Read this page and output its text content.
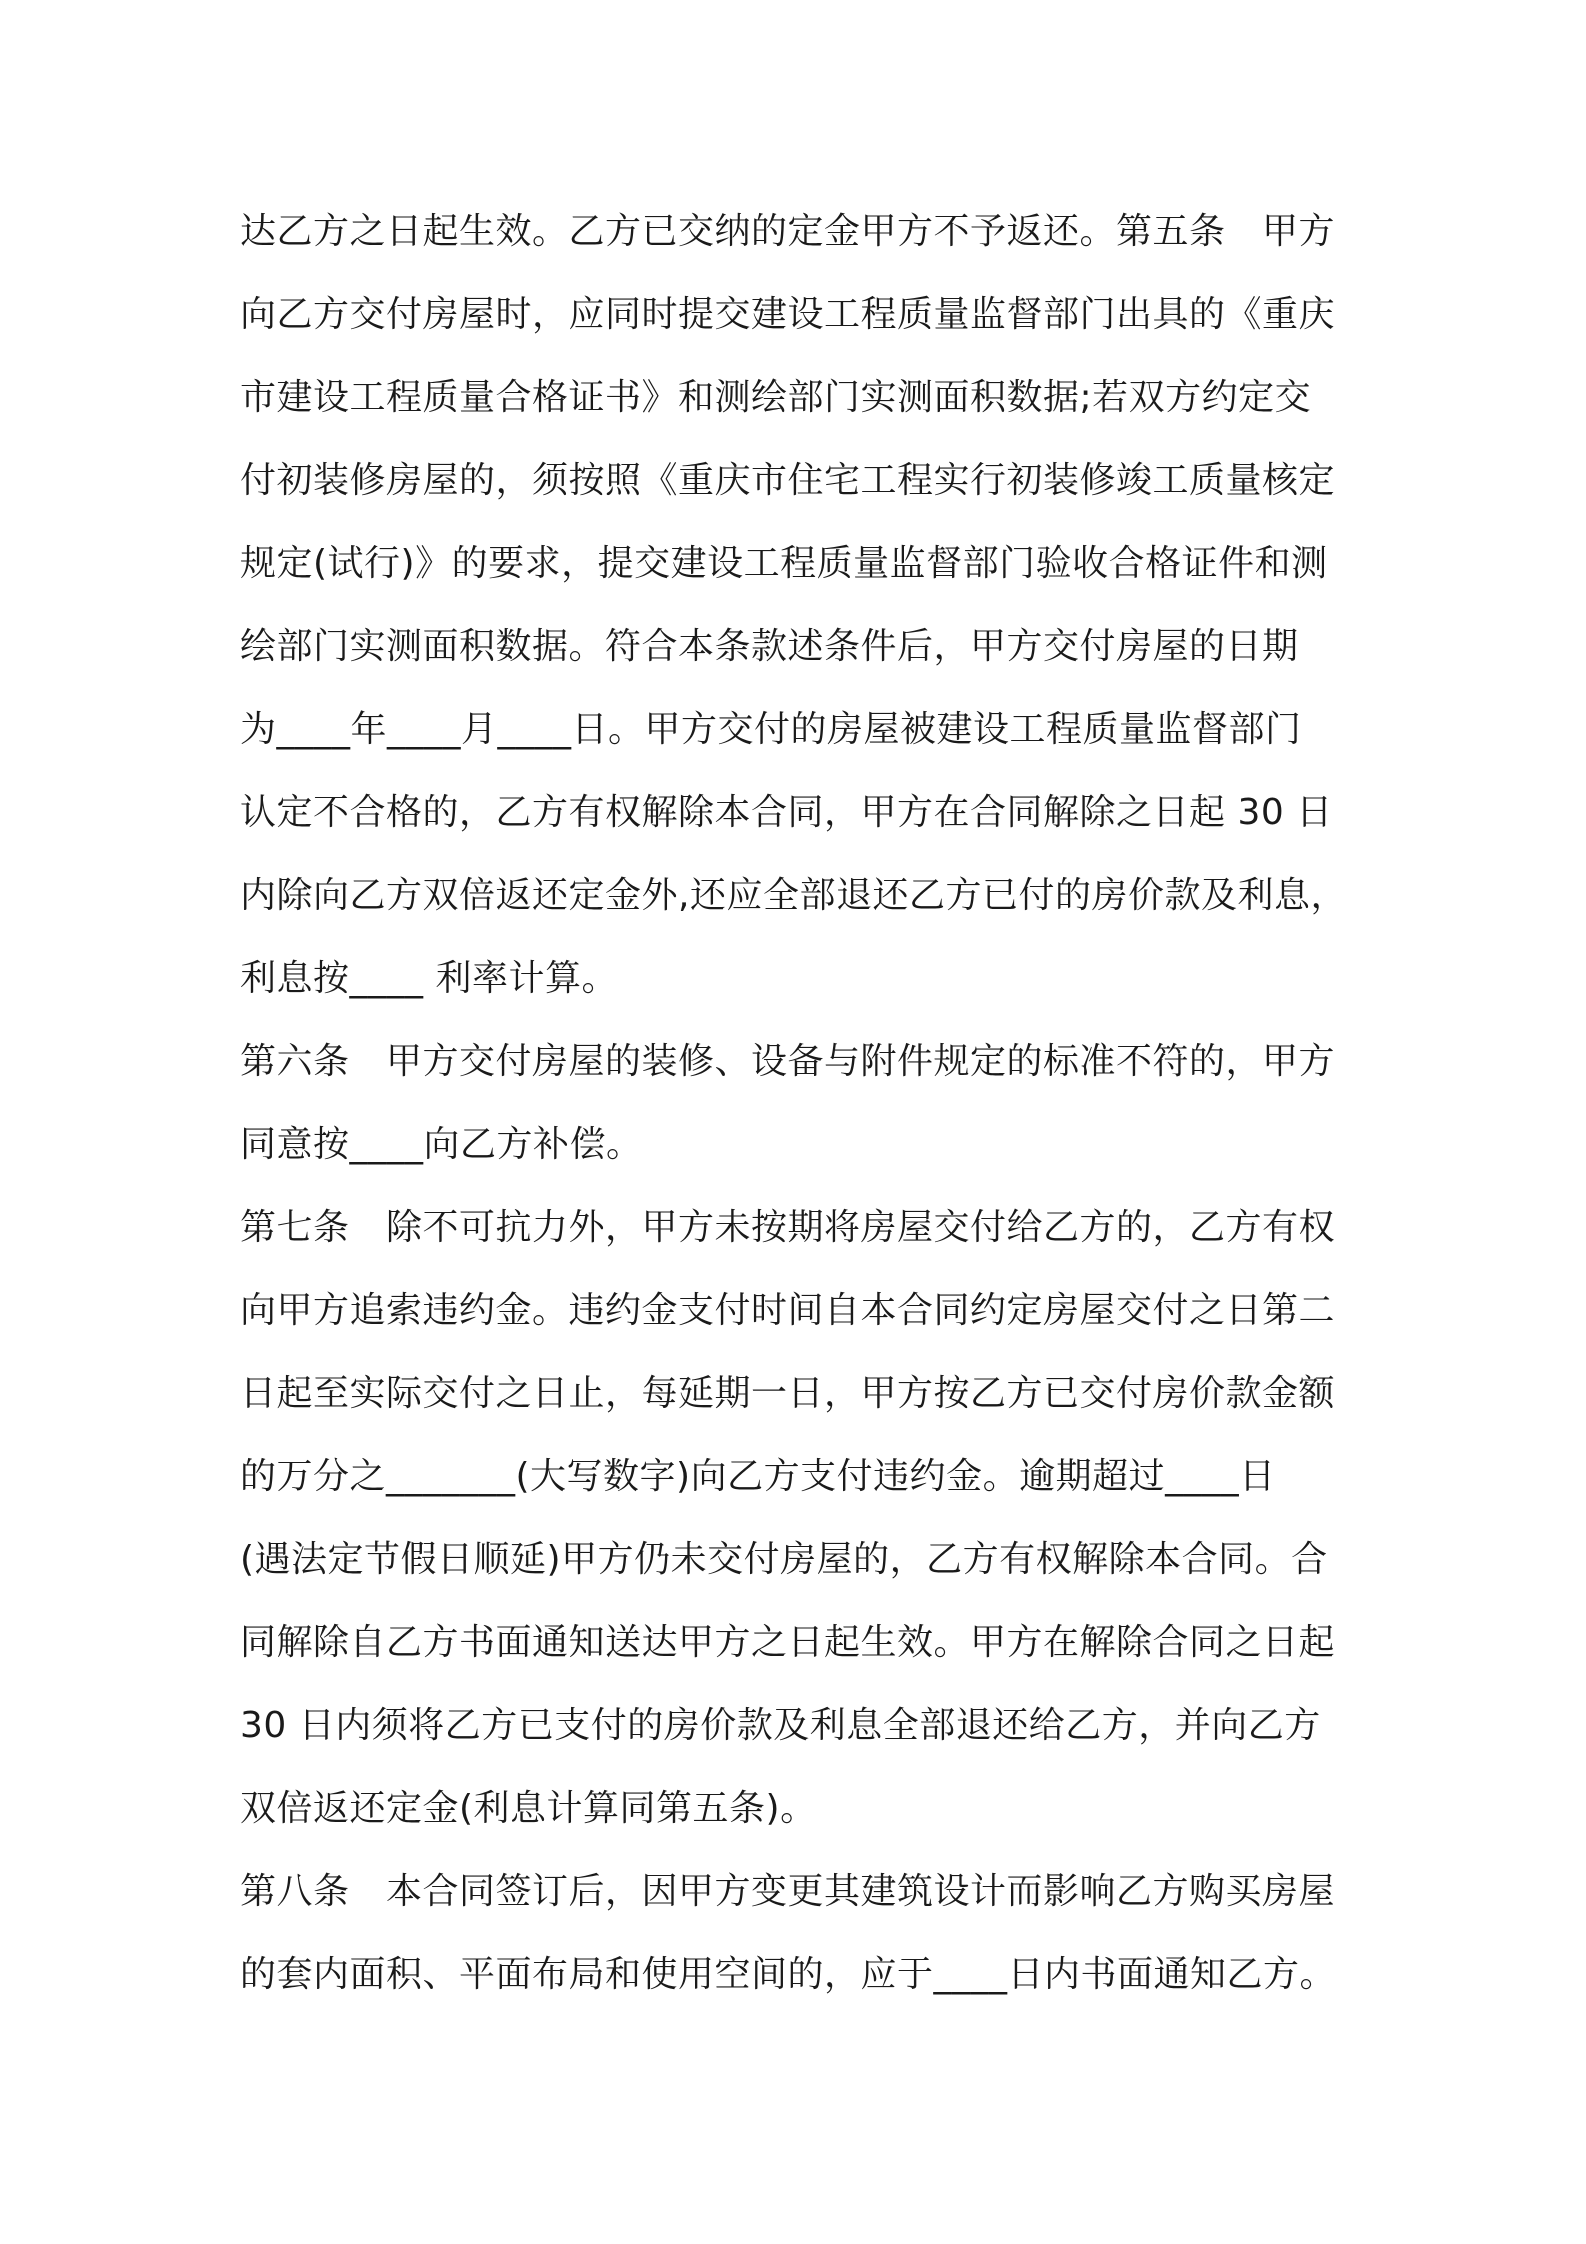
达乙方之日起生效。乙方已交纳的定金甲方不予返还。第五条　甲方
向乙方交付房屋时，应同时提交建设工程质量监督部门出具的《重庆
市建设工程质量合格证书》和测绘部门实测面积数据;若双方约定交
付初装修房屋的，须按照《重庆市住宅工程实行初装修竣工质量核定
规定(试行)》的要求，提交建设工程质量监督部门验收合格证件和测
绘部门实测面积数据。符合本条款述条件后，甲方交付房屋的日期
为____年____月____日。甲方交付的房屋被建设工程质量监督部门
认定不合格的，乙方有权解除本合同，甲方在合同解除之日起 30 日
内除向乙方双倍返还定金外,还应全部退还乙方已付的房价款及利息，
利息按____ 利率计算。
第六条　甲方交付房屋的装修、设备与附件规定的标准不符的，甲方
同意按____向乙方补偿。
第七条　除不可抗力外，甲方未按期将房屋交付给乙方的，乙方有权
向甲方追索违约金。违约金支付时间自本合同约定房屋交付之日第二
日起至实际交付之日止，每延期一日，甲方按乙方已交付房价款金额
的万分之_______(大写数字)向乙方支付违约金。逾期超过____日
(遇法定节假日顺延)甲方仍未交付房屋的，乙方有权解除本合同。合
同解除自乙方书面通知送达甲方之日起生效。甲方在解除合同之日起
30 日内须将乙方已支付的房价款及利息全部退还给乙方，并向乙方
双倍返还定金(利息计算同第五条)。
第八条　本合同签订后，因甲方变更其建筑设计而影响乙方购买房屋
的套内面积、平面布局和使用空间的，应于____日内书面通知乙方。
